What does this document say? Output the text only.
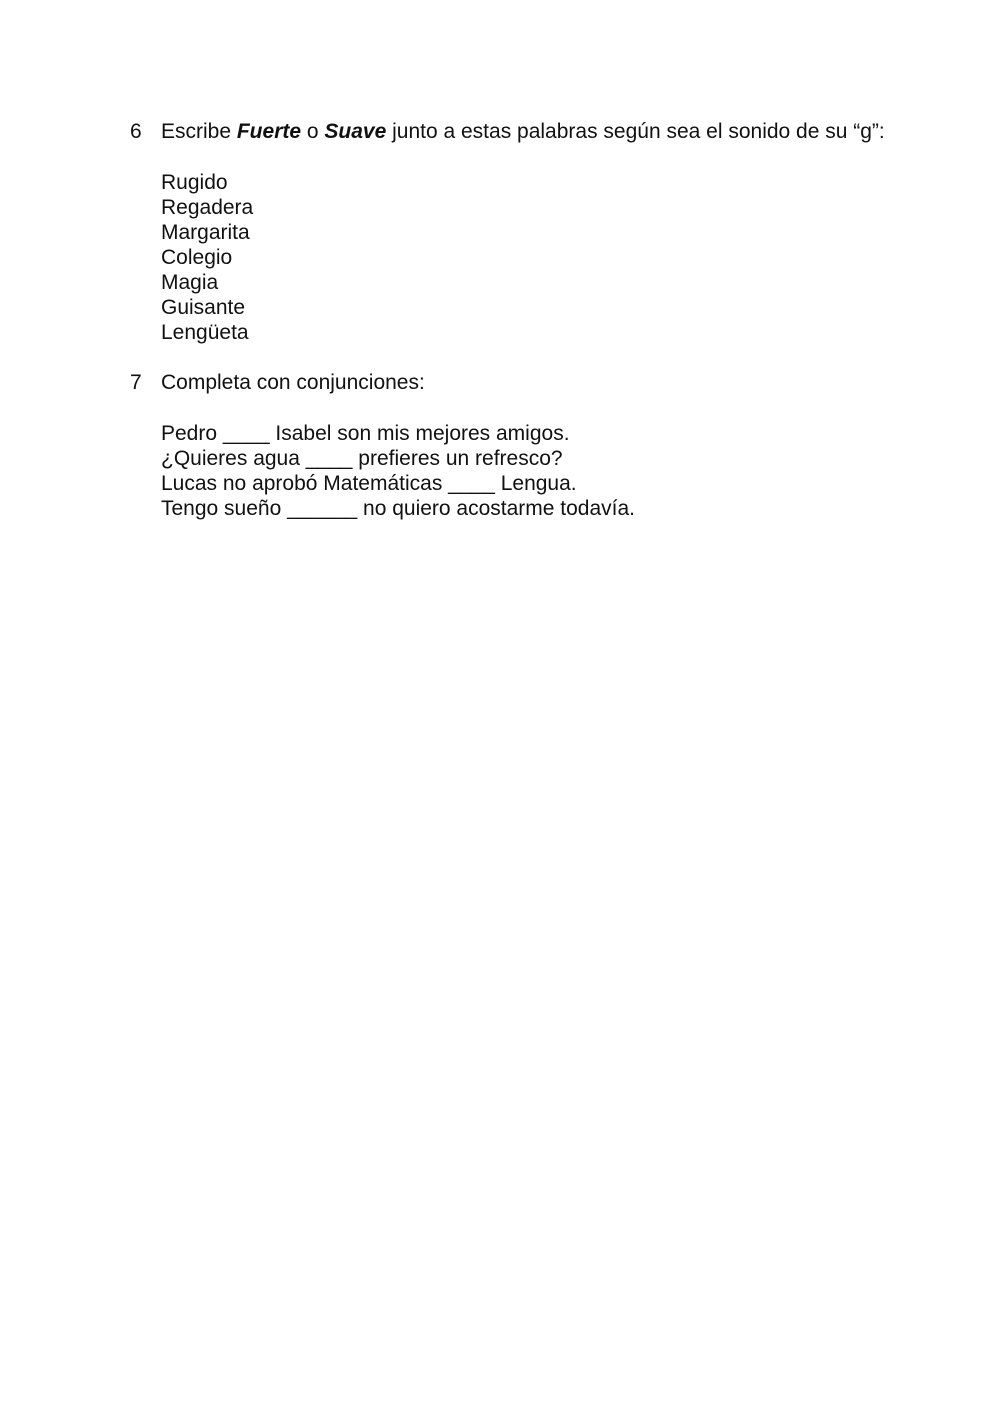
6 Escribe Fuerte o Suave junto a estas palabras según sea el sonido de su “g”:
Rugido
Regadera
Margarita
Colegio
Magia
Guisante
Lengüeta
7 Completa con conjunciones:
Pedro ____ Isabel son mis mejores amigos.
¿Quieres agua ____ prefieres un refresco?
Lucas no aprobó Matemáticas ____ Lengua.
Tengo sueño ______ no quiero acostarme todavía.
